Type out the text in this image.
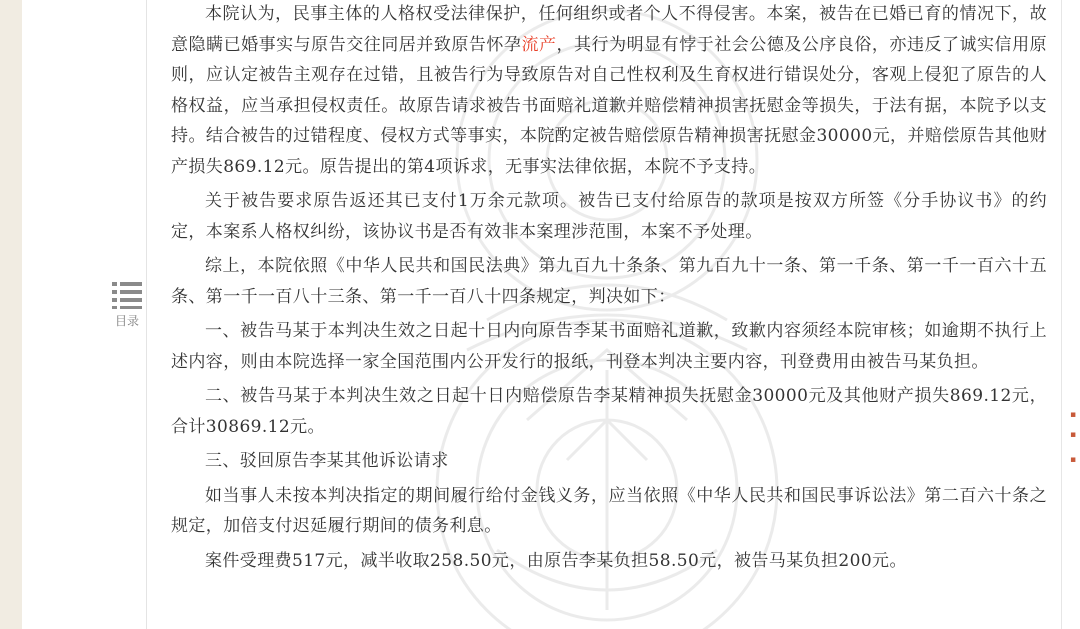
目录

本院认为，民事主体的人格权受法律保护，任何组织或者个人不得侵害。本案，被告在已婚已育的情况下，故意隐瞒已婚事实与原告交往同居并致原告怀孕流产，其行为明显有悖于社会公德及公序良俗，亦违反了诚实信用原则，应认定被告主观存在过错，且被告行为导致原告对自己性权利及生育权进行错误处分，客观上侵犯了原告的人格权益，应当承担侵权责任。故原告请求被告书面赔礼道歉并赔偿精神损害抚慰金等损失，于法有据，本院予以支持。结合被告的过错程度、侵权方式等事实，本院酌定被告赔偿原告精神损害抚慰金30000元，并赔偿原告其他财产损失869.12元。原告提出的第4项诉求，无事实法律依据，本院不予支持。

关于被告要求原告返还其已支付1万余元款项。被告已支付给原告的款项是按双方所签《分手协议书》的约定，本案系人格权纠纷，该协议书是否有效非本案理涉范围，本案不予处理。

综上，本院依照《中华人民共和国民法典》第九百九十条条、第九百九十一条、第一千条、第一千一百六十五条、第一千一百八十三条、第一千一百八十四条规定，判决如下：

一、被告马某于本判决生效之日起十日内向原告李某书面赔礼道歉，致歉内容须经本院审核；如逾期不执行上述内容，则由本院选择一家全国范围内公开发行的报纸，刊登本判决主要内容，刊登费用由被告马某负担。

二、被告马某于本判决生效之日起十日内赔偿原告李某精神损失抚慰金30000元及其他财产损失869.12元，合计30869.12元。

三、驳回原告李某其他诉讼请求

如当事人未按本判决指定的期间履行给付金钱义务，应当依照《中华人民共和国民事诉讼法》第二百六十条之规定，加倍支付迟延履行期间的债务利息。

案件受理费517元，减半收取258.50元，由原告李某负担58.50元，被告马某负担200元。

▪
▪
▪
